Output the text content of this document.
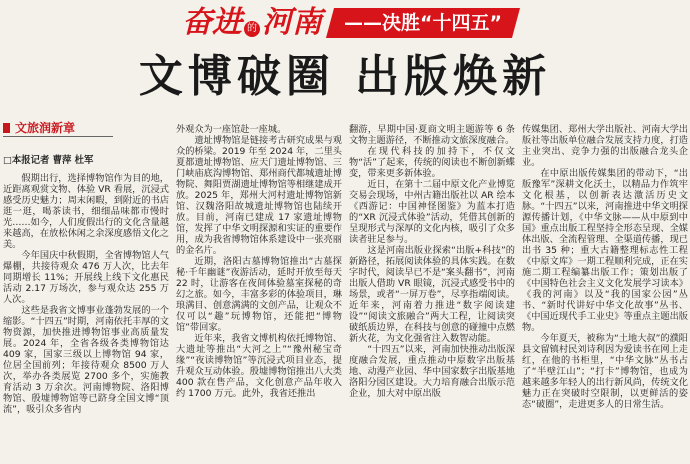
奋进 的 河南	——决胜“十四五”
文博破圈 出版焕新
文旅润新章
□本报记者 曹萍 杜军

假期出行，选择博物馆作为目的地，近距离观赏文物、体验 VR 看展，沉浸式感受历史魅力；周末闲暇，到附近的书店逛一逛，喝茶读书，细细品味都市慢时光……如今，人们度假出行的文化含量越来越高，在放松休闲之余深度感悟文化之美。

今年国庆中秋假期，全省博物馆人气爆棚，共接待观众 476 万人次，比去年同期增长 11%；开展线上线下文化惠民活动 2.17 万场次，参与观众达 255 万人次。

这些是我省文博事业蓬勃发展的一个缩影。“十四五”时期，河南依托丰厚的文物资源，加快推进博物馆事业高质量发展。2024 年，全省各级各类博物馆达 409 家，国家三级以上博物馆 94 家，位居全国前列；年接待观众 8500 万人次，举办各类展览 2700 多个，实施教育活动 3 万余次。河南博物院、洛阳博物馆、殷墟博物馆等已跻身全国文博“顶流”，吸引众多省内

外观众为一座馆赴一座城。

遗址博物馆是链接考古研究成果与观众的桥梁。2019 年至 2024 年，二里头夏都遗址博物馆、应天门遗址博物馆、三门峡庙底沟博物馆、郑州商代都城遗址博物院、舞阳贾湖遗址博物馆等相继建成开放。2025 年，郑州大河村遗址博物馆新馆、汉魏洛阳故城遗址博物馆也陆续开放。目前，河南已建成 17 家遗址博物馆，发挥了中华文明探源和实证的重要作用，成为我省博物馆体系建设中一张亮丽的金名片。

近期，洛阳古墓博物馆推出“古墓探秘·千年幽谜”夜游活动，延时开放至每天 22 时，让游客在夜间体验墓室探秘的奇幻之旅。如今，丰富多彩的体验项目，琳琅满目、创意满满的文创产品，让观众不仅可以“趣”玩博物馆，还能把“博物馆”带回家。

近年来，我省文博机构依托博物馆、大遗址等推出“大河之上”“豫州秘宝奇缘”“夜读博物馆”等沉浸式项目业态，提升观众互动体验。殷墟博物馆推出八大类 400 款在售产品，文化创意产品年收入约 1700 万元。此外，我省还推出

翻游，早期中国·夏商文明主题游等 6 条文物主题游径，不断推动文旅深度融合。

在现代科技的加持下，不仅文物“活”了起来，传统的阅读也不断创新蝶变，带来更多新体验。

近日，在第十二届中原文化产业博览交易会现场，中州古籍出版社以 AR 绘本《西游记：中国神怪图鉴》为蓝本打造的“XR 沉浸式体验”活动，凭借其创新的呈现形式与深厚的文化内核，吸引了众多读者驻足参与。

这是河南出版业探索“出版+科技”的新路径，拓展阅读体验的具体实践。在数字时代，阅读早已不是“案头翻书”，河南出版人借助 VR 眼镜，沉浸式感受书中的场景，或者“一屏万卷”，尽享指端阅读。近年来，河南着力推进“数字阅读建设”“阅读文旅融合”两大工程，让阅读突破纸质边界，在科技与创意的碰撞中点燃新火花，为文化强省注入数智动能。

“十四五”以来，河南加快推动出版深度融合发展，重点推动中原数字出版基地、动漫产业园、华中国家数字出版基地洛阳分园区建设。大力培育融合出版示范企业，加大对中原出版

传媒集团、郑州大学出版社、河南大学出版社等出版单位融合发展支持力度，打造主业突出、竞争力强的出版融合龙头企业。

在中原出版传媒集团的带动下，“出版豫军”深耕文化沃土，以精品力作筑牢文化根基，以创新表达激活历史文脉。“十四五”以来，河南推进中华文明探源传播计划，《中华文脉——从中原到中国》重点出版工程坚持全形态呈现、全媒体出版、全流程管理、全渠道传播，现已出书 35 种；重大古籍整理标志性工程《中原文库》一期工程顺利完成，正在实施二期工程编纂出版工作；策划出版了《中国特色社会主义文化发展学习读本》《我的河南》以及“我的国家公园”丛书、“新时代讲好中华文化故事”丛书、《中国近现代手工业史》等重点主题出版物。

今年夏天，被称为“土地大叔”的濮阳县文留镇村民刘诗利因为爱读书在网上走红，在他的书柜里，“中华文脉”丛书占了“半壁江山”；“打卡”博物馆，也成为越来越多年轻人的出行新风尚，传统文化魅力正在突破时空限制，以更鲜活的姿态“破圈”，走进更多人的日常生活。
